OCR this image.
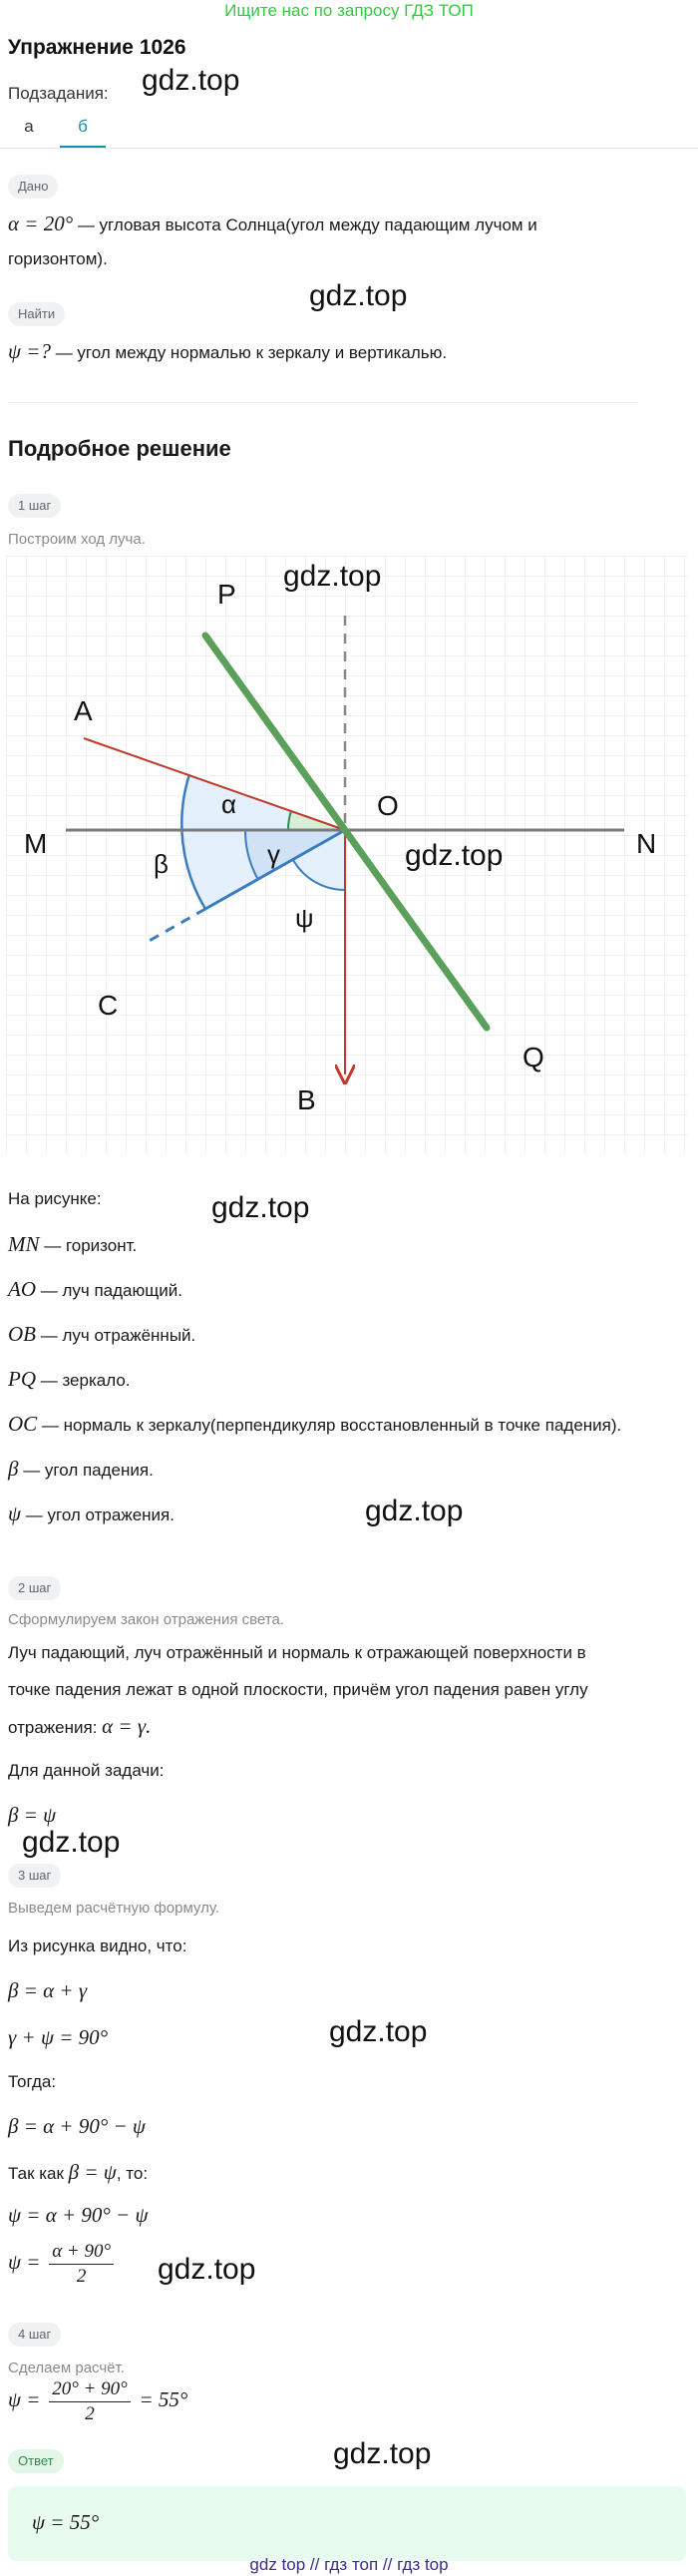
Ищите нас по запросу ГДЗ ТОП
Упражнение 1026
Подзадания: gdz.top
а	б
Дано
α = 20° — угловая высота Солнца(угол между падающим лучом и
горизонтом).
gdz.top
Найти
ψ =? — угол между нормалью к зеркалу и вертикалью.
Подробное решение
1 шаг
Построим ход луча.
P
A
O
M	N
C
B
Q
α
β	γ
ψ
gdz.top
gdz.top
На рисунке:	gdz.top
MN — горизонт.
AO — луч падающий.
OB — луч отражённый.
PQ — зеркало.
OC — нормаль к зеркалу(перпендикуляр восстановленный в точке падения).
β — угол падения.
ψ — угол отражения.	gdz.top
2 шаг
Сформулируем закон отражения света.
Луч падающий, луч отражённый и нормаль к отражающей поверхности в
точке падения лежат в одной плоскости, причём угол падения равен углу
отражения: α = γ.
Для данной задачи:
β = ψ
gdz.top
3 шаг
Выведем расчётную формулу.
Из рисунка видно, что:
β = α + γ
γ + ψ = 90°	gdz.top
Тогда:
β = α + 90° − ψ
Так как β = ψ, то:
ψ = α + 90° − ψ
$\psi = \frac{\alpha + 90^\circ}{2} gdz.top$
4 шаг
Сделаем расчёт.
$\psi = \frac{20^\circ + 90^\circ}{2} = 55^\circ$
gdz.top
Ответ
ψ = 55°
gdz top // гдз топ // гдз top
